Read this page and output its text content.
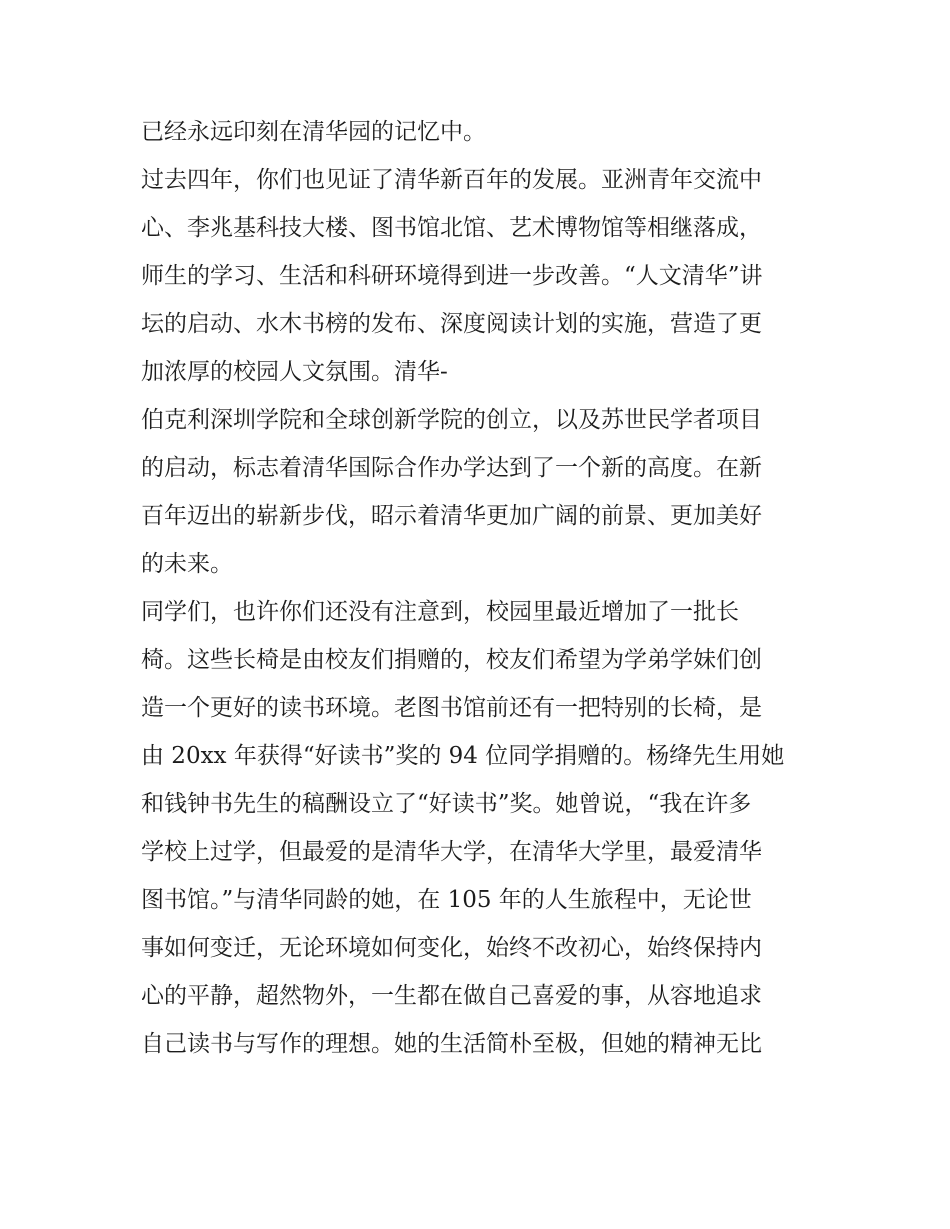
已经永远印刻在清华园的记忆中。
过去四年，你们也见证了清华新百年的发展。亚洲青年交流中
心、李兆基科技大楼、图书馆北馆、艺术博物馆等相继落成，
师生的学习、生活和科研环境得到进一步改善。“人文清华”讲
坛的启动、水木书榜的发布、深度阅读计划的实施，营造了更
加浓厚的校园人文氛围。清华-
伯克利深圳学院和全球创新学院的创立，以及苏世民学者项目
的启动，标志着清华国际合作办学达到了一个新的高度。在新
百年迈出的崭新步伐，昭示着清华更加广阔的前景、更加美好
的未来。
同学们，也许你们还没有注意到，校园里最近增加了一批长
椅。这些长椅是由校友们捐赠的，校友们希望为学弟学妹们创
造一个更好的读书环境。老图书馆前还有一把特别的长椅，是
由 20xx 年获得“好读书”奖的 94 位同学捐赠的。杨绛先生用她
和钱钟书先生的稿酬设立了“好读书”奖。她曾说，“我在许多
学校上过学，但最爱的是清华大学，在清华大学里，最爱清华
图书馆。”与清华同龄的她，在 105 年的人生旅程中，无论世
事如何变迁，无论环境如何变化，始终不改初心，始终保持内
心的平静，超然物外，一生都在做自己喜爱的事，从容地追求
自己读书与写作的理想。她的生活简朴至极，但她的精神无比
